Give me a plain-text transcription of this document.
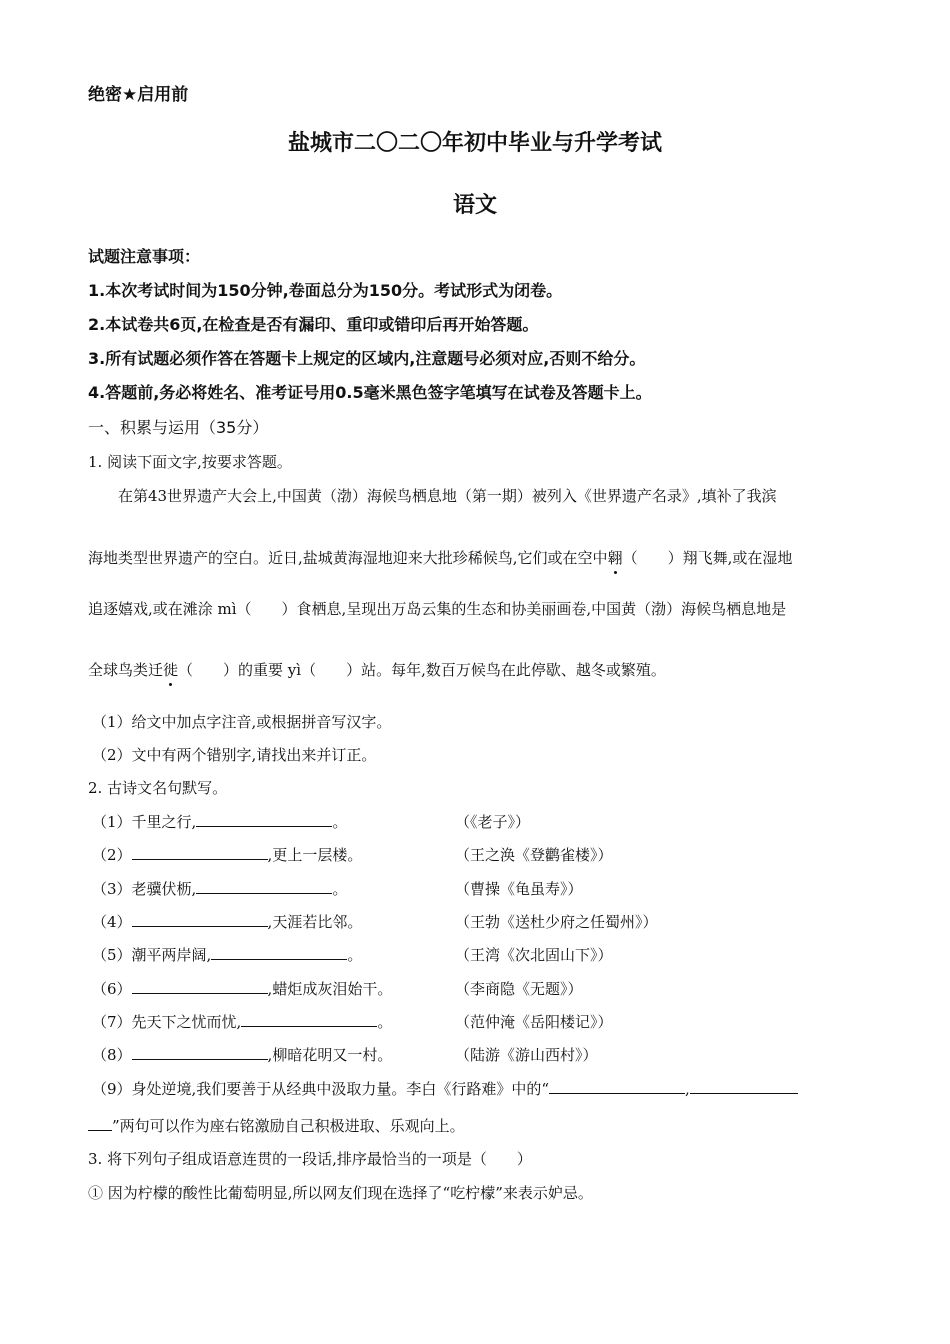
绝密★启用前
盐城市二〇二〇年初中毕业与升学考试
语文
试题注意事项：
1.本次考试时间为150分钟,卷面总分为150分。考试形式为闭卷。
2.本试卷共6页,在检查是否有漏印、重印或错印后再开始答题。
3.所有试题必须作答在答题卡上规定的区域内,注意题号必须对应,否则不给分。
4.答题前,务必将姓名、准考证号用0.5毫米黑色签字笔填写在试卷及答题卡上。
一、积累与运用（35分）
1. 阅读下面文字,按要求答题。
在第43世界遗产大会上,中国黄（渤）海候鸟栖息地（第一期）被列入《世界遗产名录》,填补了我滨
海地类型世界遗产的空白。近日,盐城黄海湿地迎来大批珍稀候鸟,它们或在空中翱（　　）翔飞舞,或在湿地
追逐嬉戏,或在滩涂 mì（　　）食栖息,呈现出万岛云集的生态和协美丽画卷,中国黄（渤）海候鸟栖息地是
全球鸟类迁徙（　　）的重要 yì（　　）站。每年,数百万候鸟在此停歇、越冬或繁殖。
（1）给文中加点字注音,或根据拼音写汉字。
（2）文中有两个错别字,请找出来并订正。
2. 古诗文名句默写。
（1）千里之行,	。	（《老子》）
（2）	,更上一层楼。	（王之涣《登鹳雀楼》）
（3）老骥伏枥,	。	（曹操《龟虽寿》）
（4）	,天涯若比邻。	（王勃《送杜少府之任蜀州》）
（5）潮平两岸阔,	。	（王湾《次北固山下》）
（6）	,蜡炬成灰泪始干。	（李商隐《无题》）
（7）先天下之忧而忧,	。	（范仲淹《岳阳楼记》）
（8）	,柳暗花明又一村。	（陆游《游山西村》）
（9）身处逆境,我们要善于从经典中汲取力量。李白《行路难》中的“	,
”两句可以作为座右铭激励自己积极进取、乐观向上。
3. 将下列句子组成语意连贯的一段话,排序最恰当的一项是（　　）
① 因为柠檬的酸性比葡萄明显,所以网友们现在选择了“吃柠檬”来表示妒忌。
